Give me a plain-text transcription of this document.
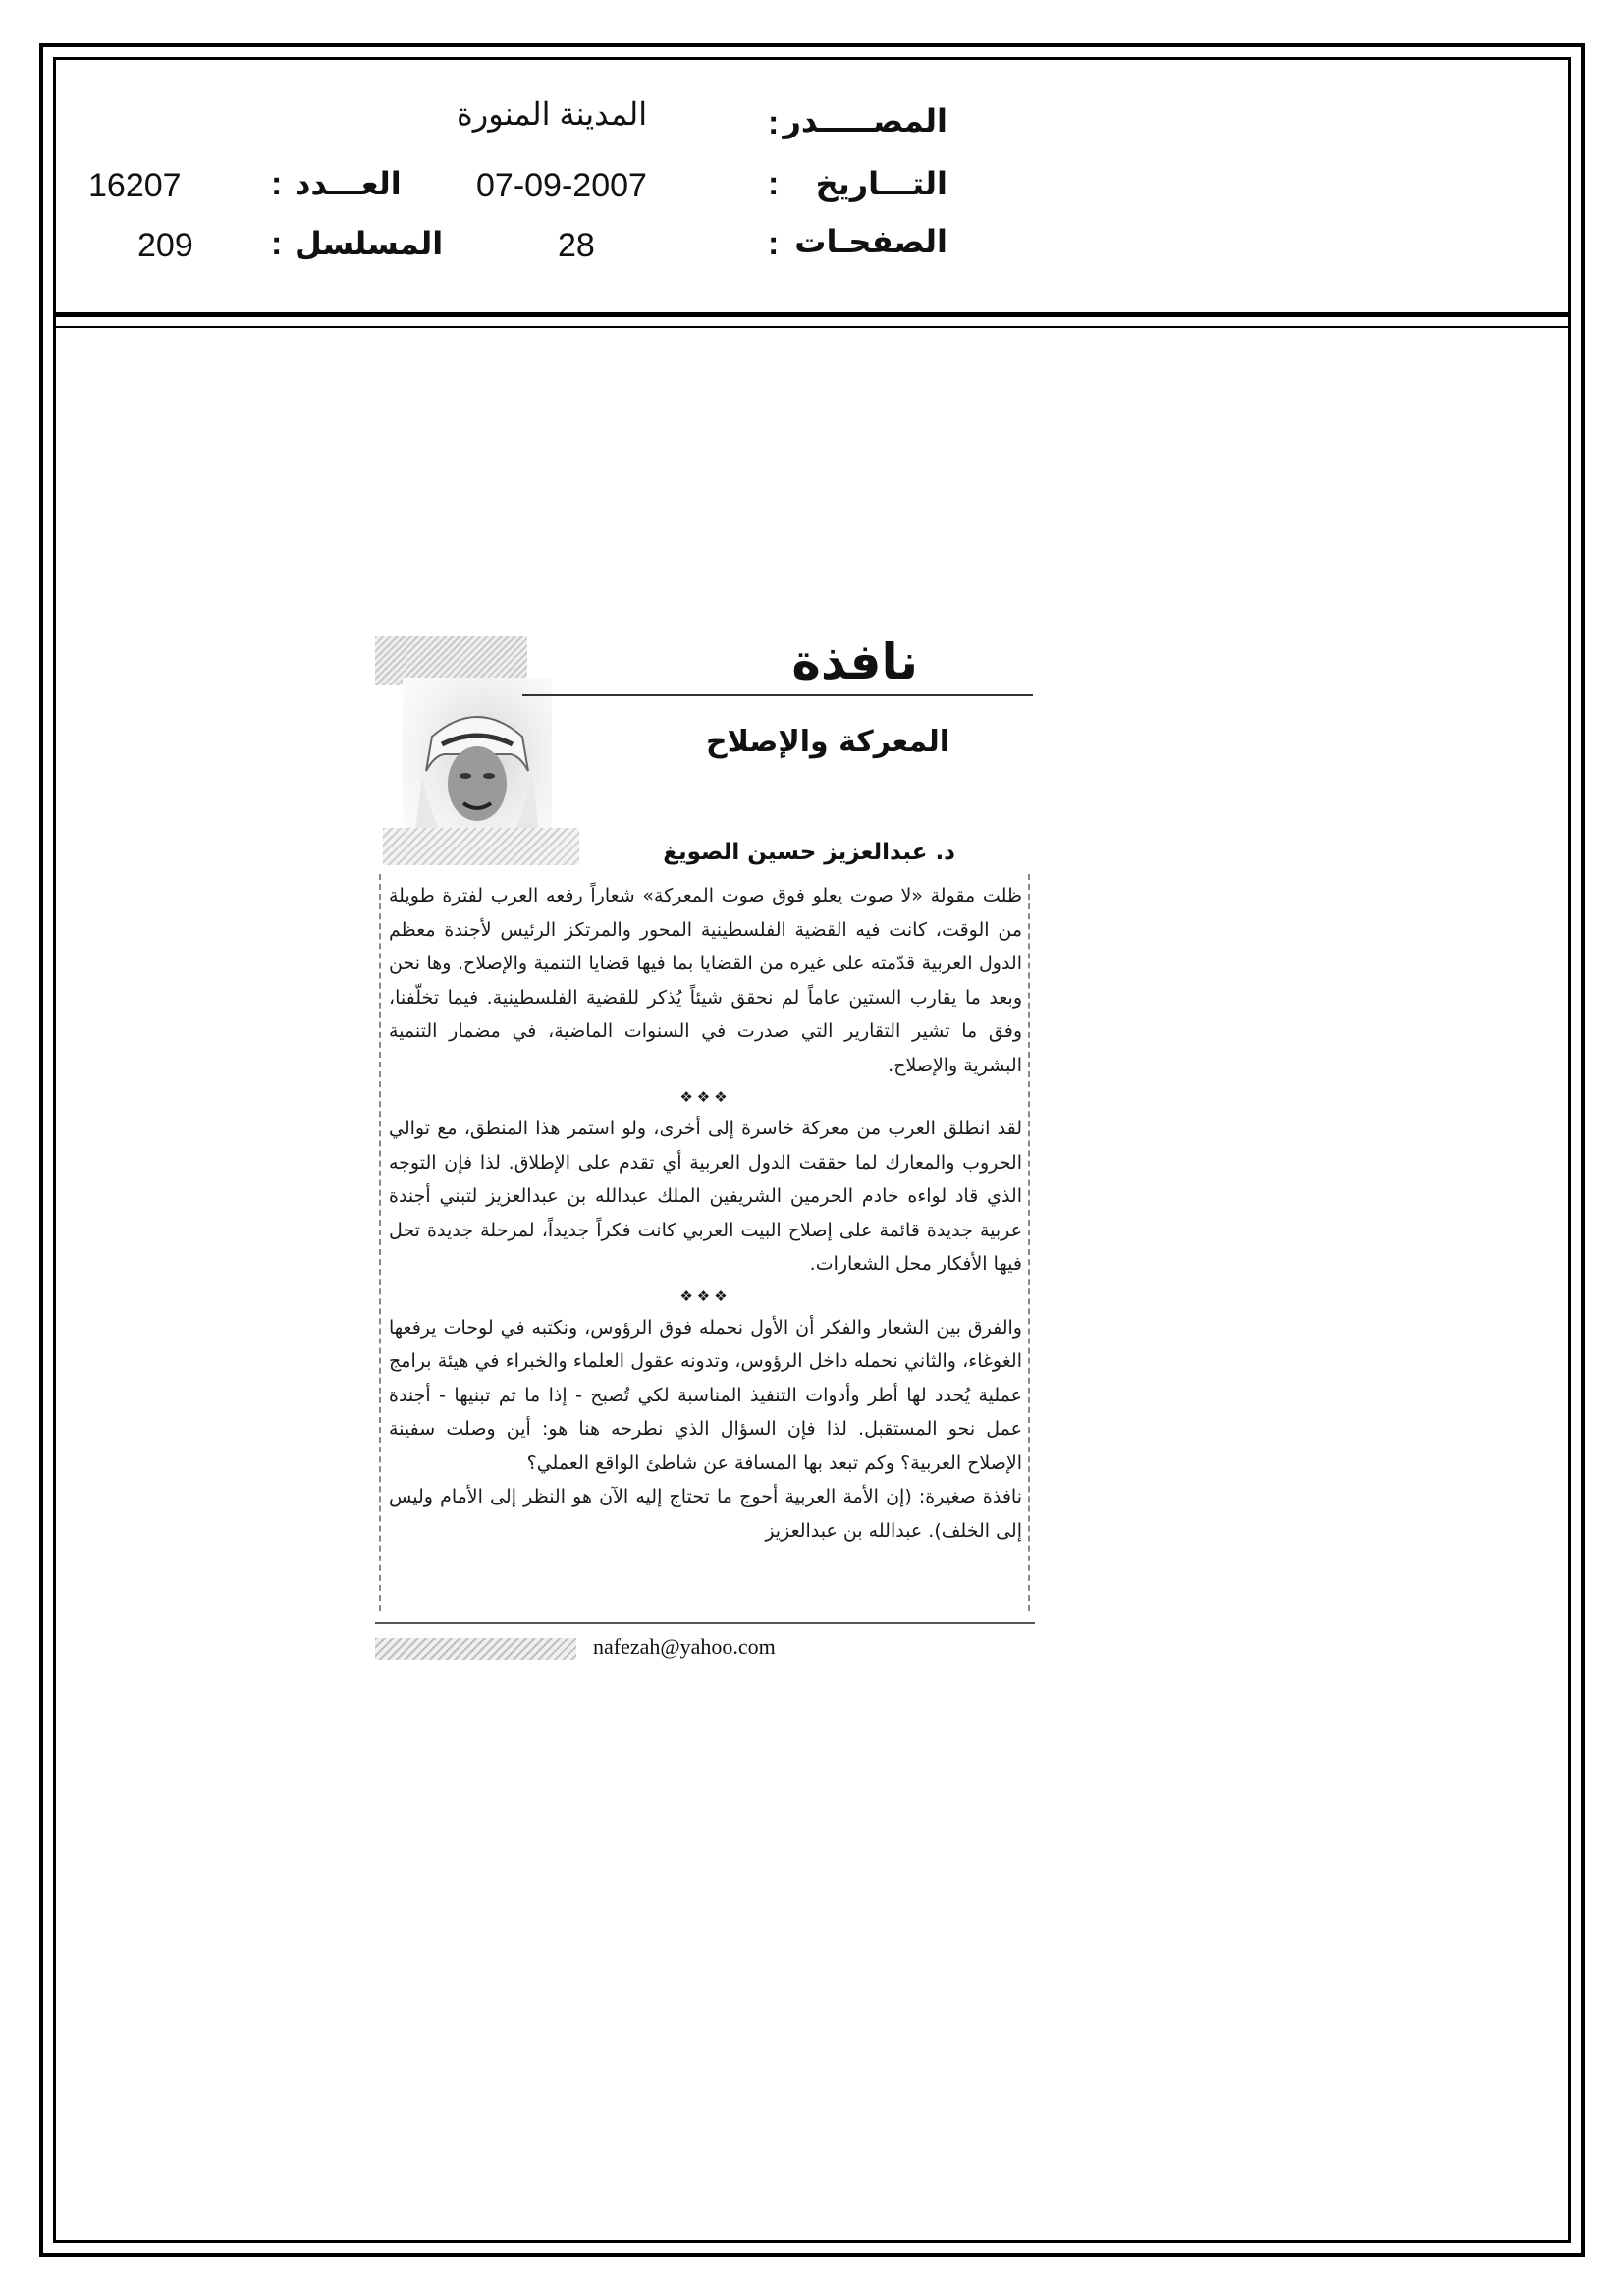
المصـــــدر
:
المدينة المنورة
التـــاريخ
:
07-09-2007
الصفحـات
:
28
العـــدد
:
16207
المسلسل
:
209
نافذة
المعركة والإصلاح
د. عبدالعزيز حسين الصويغ

ظلت مقولة «لا صوت يعلو فوق صوت المعركة» شعاراً رفعه العرب لفترة طويلة من الوقت، كانت فيه القضية الفلسطينية المحور والمرتكز الرئيس لأجندة معظم الدول العربية قدّمته على غيره من القضايا بما فيها قضايا التنمية والإصلاح. وها نحن وبعد ما يقارب الستين عاماً لم نحقق شيئاً يُذكر للقضية الفلسطينية. فيما تخلّفنا، وفق ما تشير التقارير التي صدرت في السنوات الماضية، في مضمار التنمية البشرية والإصلاح.

❖❖❖

لقد انطلق العرب من معركة خاسرة إلى أخرى، ولو استمر هذا المنطق، مع توالي الحروب والمعارك لما حققت الدول العربية أي تقدم على الإطلاق. لذا فإن التوجه الذي قاد لواءه خادم الحرمين الشريفين الملك عبدالله بن عبدالعزيز لتبني أجندة عربية جديدة قائمة على إصلاح البيت العربي كانت فكراً جديداً، لمرحلة جديدة تحل فيها الأفكار محل الشعارات.

❖❖❖

والفرق بين الشعار والفكر أن الأول نحمله فوق الرؤوس، ونكتبه في لوحات يرفعها الغوغاء، والثاني نحمله داخل الرؤوس، وتدونه عقول العلماء والخبراء في هيئة برامج عملية يُحدد لها أطر وأدوات التنفيذ المناسبة لكي تُصبح - إذا ما تم تبنيها - أجندة عمل نحو المستقبل. لذا فإن السؤال الذي نطرحه هنا هو: أين وصلت سفينة الإصلاح العربية؟ وكم تبعد بها المسافة عن شاطئ الواقع العملي؟

نافذة صغيرة: (إن الأمة العربية أحوج ما تحتاج إليه الآن هو النظر إلى الأمام وليس إلى الخلف). عبدالله بن عبدالعزيز

nafezah@yahoo.com
